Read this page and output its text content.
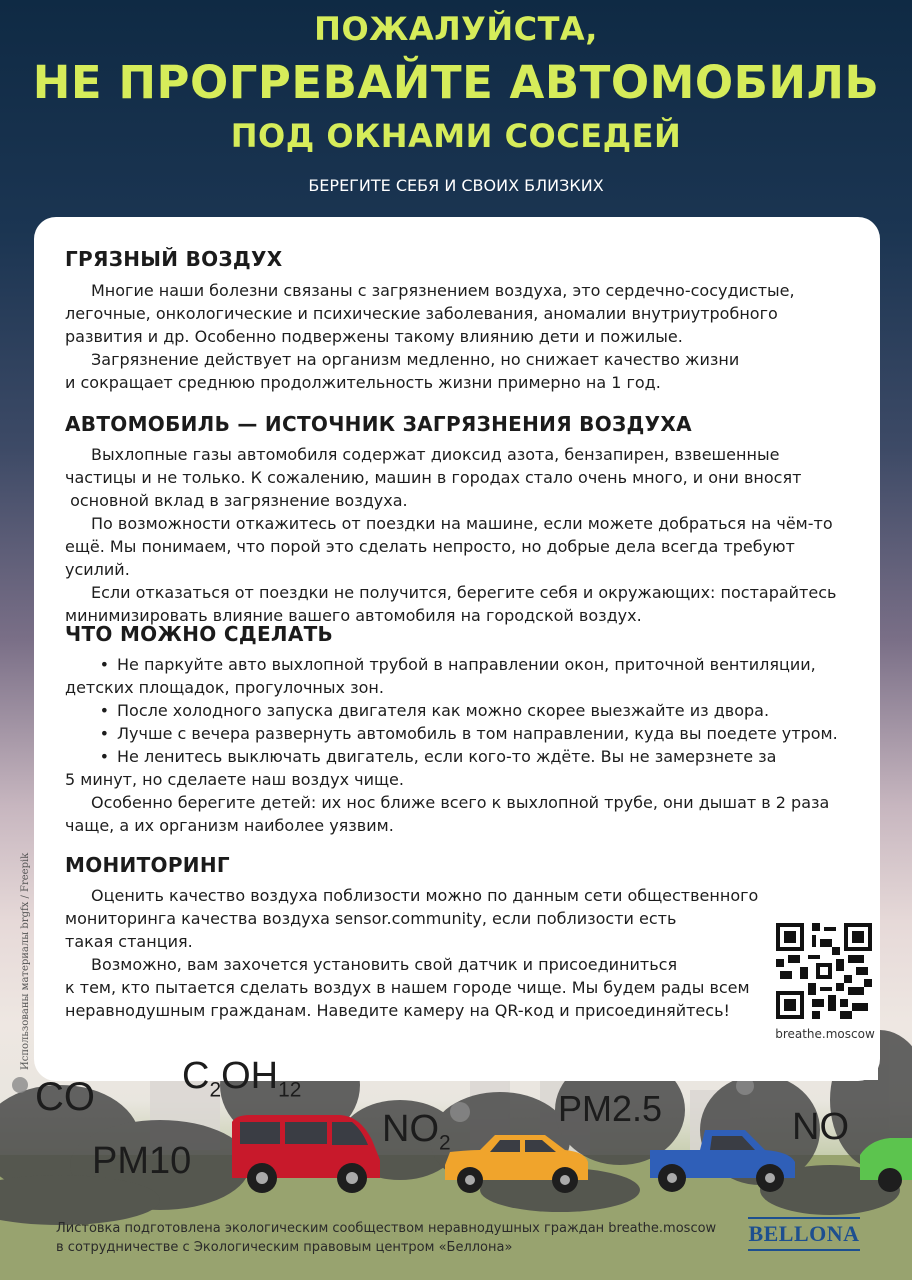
ПОЖАЛУЙСТА,
НЕ ПРОГРЕВАЙТЕ АВТОМОБИЛЬ
ПОД ОКНАМИ СОСЕДЕЙ
БЕРЕГИТЕ СЕБЯ И СВОИХ БЛИЗКИХ
ГРЯЗНЫЙ ВОЗДУХ
Многие наши болезни связаны с загрязнением воздуха, это сердечно-сосудистые,
легочные, онкологические и психические заболевания, аномалии внутриутробного
развития и др. Особенно подвержены такому влиянию дети и пожилые.
Загрязнение действует на организм медленно, но снижает качество жизни
и сокращает среднюю продолжительность жизни примерно на 1 год.
АВТОМОБИЛЬ — ИСТОЧНИК ЗАГРЯЗНЕНИЯ ВОЗДУХА
Выхлопные газы автомобиля содержат диоксид азота, бензапирен, взвешенные
частицы и не только. К сожалению, машин в городах стало очень много, и они вносят
основной вклад в загрязнение воздуха.
По возможности откажитесь от поездки на машине, если можете добраться на чём-то
ещё. Мы понимаем, что порой это сделать непросто, но добрые дела всегда требуют усилий.
Если отказаться от поездки не получится, берегите себя и окружающих: постарайтесь
минимизировать влияние вашего автомобиля на городской воздух.
ЧТО МОЖНО СДЕЛАТЬ
• Не паркуйте авто выхлопной трубой в направлении окон, приточной вентиляции,
детских площадок, прогулочных зон.
• После холодного запуска двигателя как можно скорее выезжайте из двора.
• Лучше с вечера развернуть автомобиль в том направлении, куда вы поедете утром.
• Не ленитесь выключать двигатель, если кого-то ждёте. Вы не замерзнете за
5 минут, но сделаете наш воздух чище.
Особенно берегите детей: их нос ближе всего к выхлопной трубе, они дышат в 2 раза
чаще, а их организм наиболее уязвим.
МОНИТОРИНГ
Оценить качество воздуха поблизости можно по данным сети общественного
мониторинга качества воздуха sensor.community, если поблизости есть
такая станция.
Возможно, вам захочется установить свой датчик и присоединиться
к тем, кто пытается сделать воздух в нашем городе чище. Мы будем рады всем
неравнодушным гражданам. Наведите камеру на QR-код и присоединяйтесь!
breathe.moscow
Использованы материалы brgfx / Freepik
CO $C_2OH_{12}$
PM10
$NO_2$
PM2.5	NO
Листовка подготовлена экологическим сообществом неравнодушных граждан breathe.moscow
в сотрудничестве с Экологическим правовым центром «Беллона»
BELLONA
